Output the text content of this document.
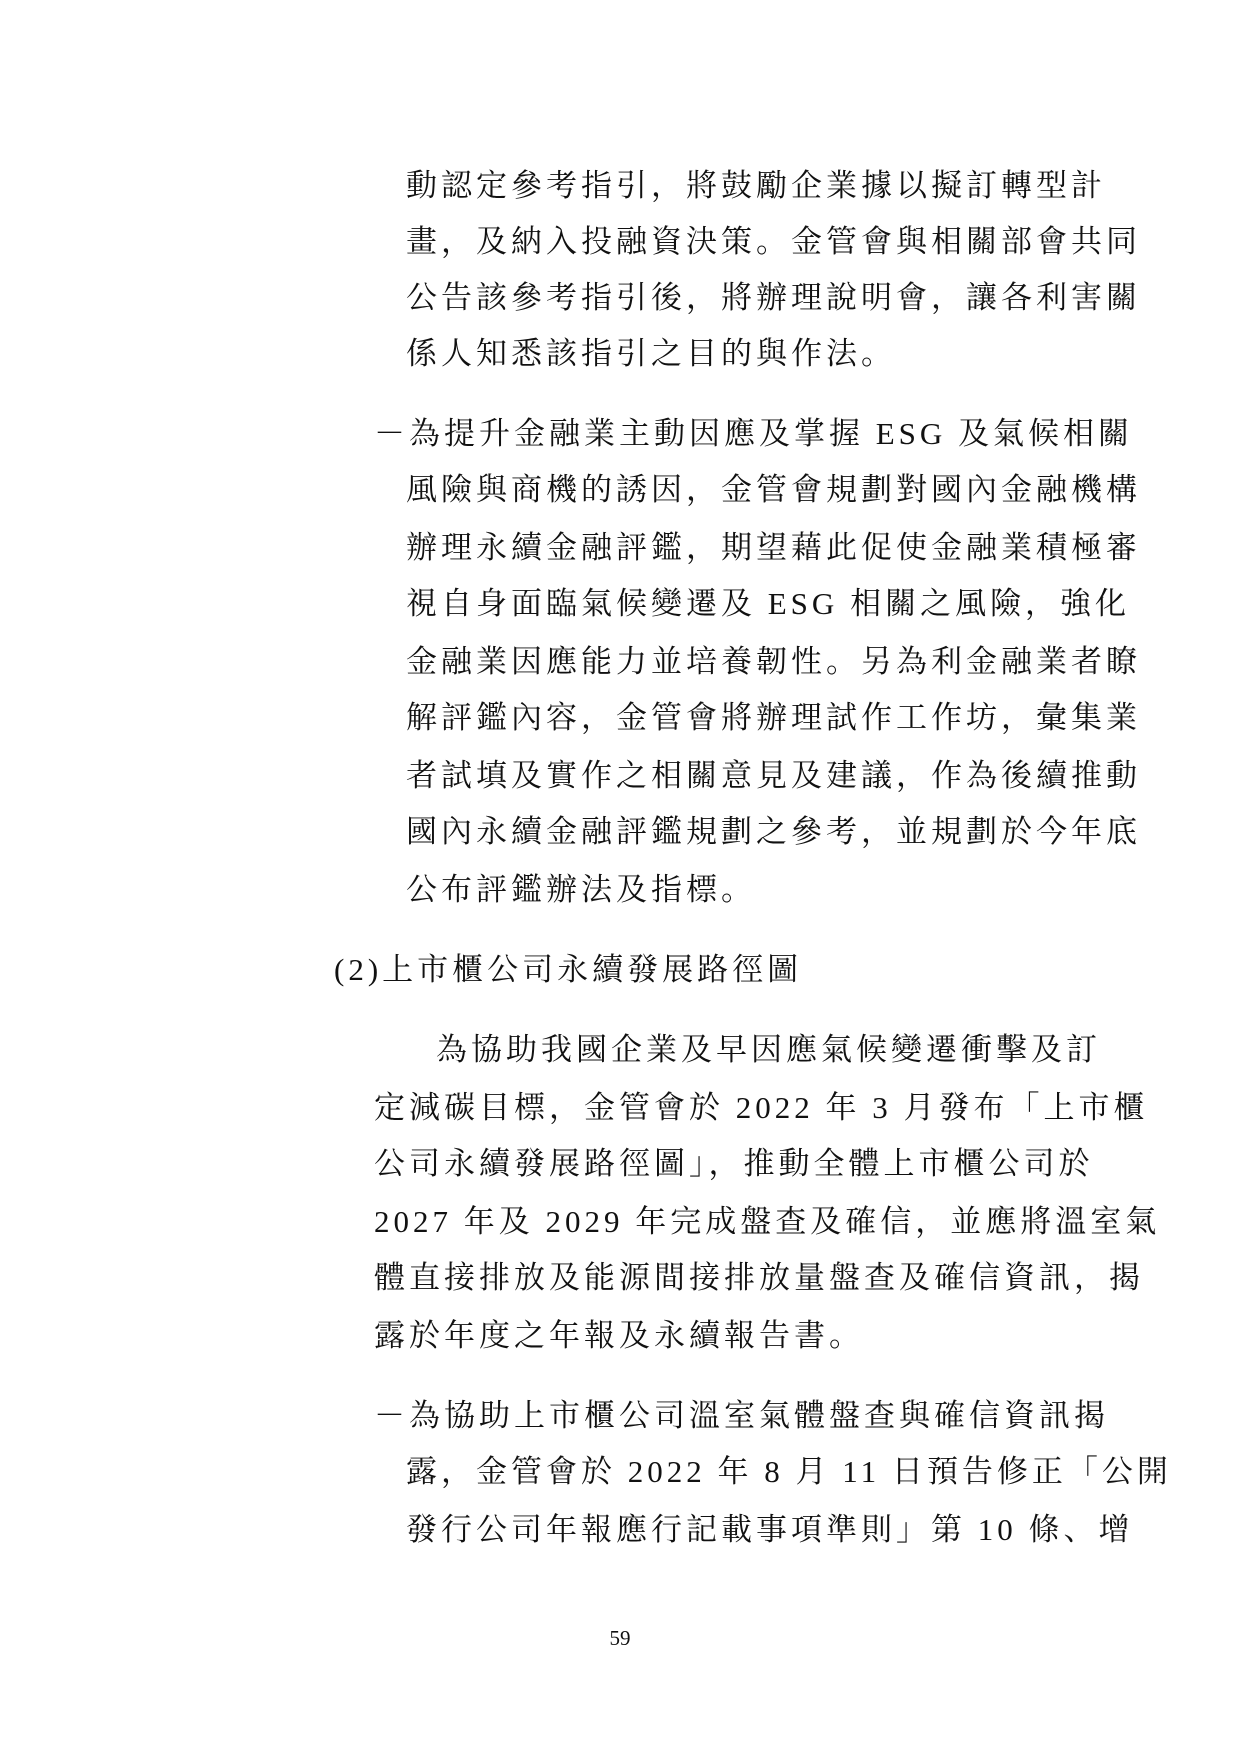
動認定參考指引，將鼓勵企業據以擬訂轉型計
畫，及納入投融資決策。金管會與相關部會共同
公告該參考指引後，將辦理說明會，讓各利害關
係人知悉該指引之目的與作法。
－為提升金融業主動因應及掌握 ESG 及氣候相關
風險與商機的誘因，金管會規劃對國內金融機構
辦理永續金融評鑑，期望藉此促使金融業積極審
視自身面臨氣候變遷及 ESG 相關之風險，強化
金融業因應能力並培養韌性。另為利金融業者瞭
解評鑑內容，金管會將辦理試作工作坊，彙集業
者試填及實作之相關意見及建議，作為後續推動
國內永續金融評鑑規劃之參考，並規劃於今年底
公布評鑑辦法及指標。
(2)上市櫃公司永續發展路徑圖
為協助我國企業及早因應氣候變遷衝擊及訂
定減碳目標，金管會於 2022 年 3 月發布「上市櫃
公司永續發展路徑圖」，推動全體上市櫃公司於
2027 年及 2029 年完成盤查及確信，並應將溫室氣
體直接排放及能源間接排放量盤查及確信資訊，揭
露於年度之年報及永續報告書。
－為協助上市櫃公司溫室氣體盤查與確信資訊揭
露，金管會於 2022 年 8 月 11 日預告修正「公開
發行公司年報應行記載事項準則」第 10 條、增
59
